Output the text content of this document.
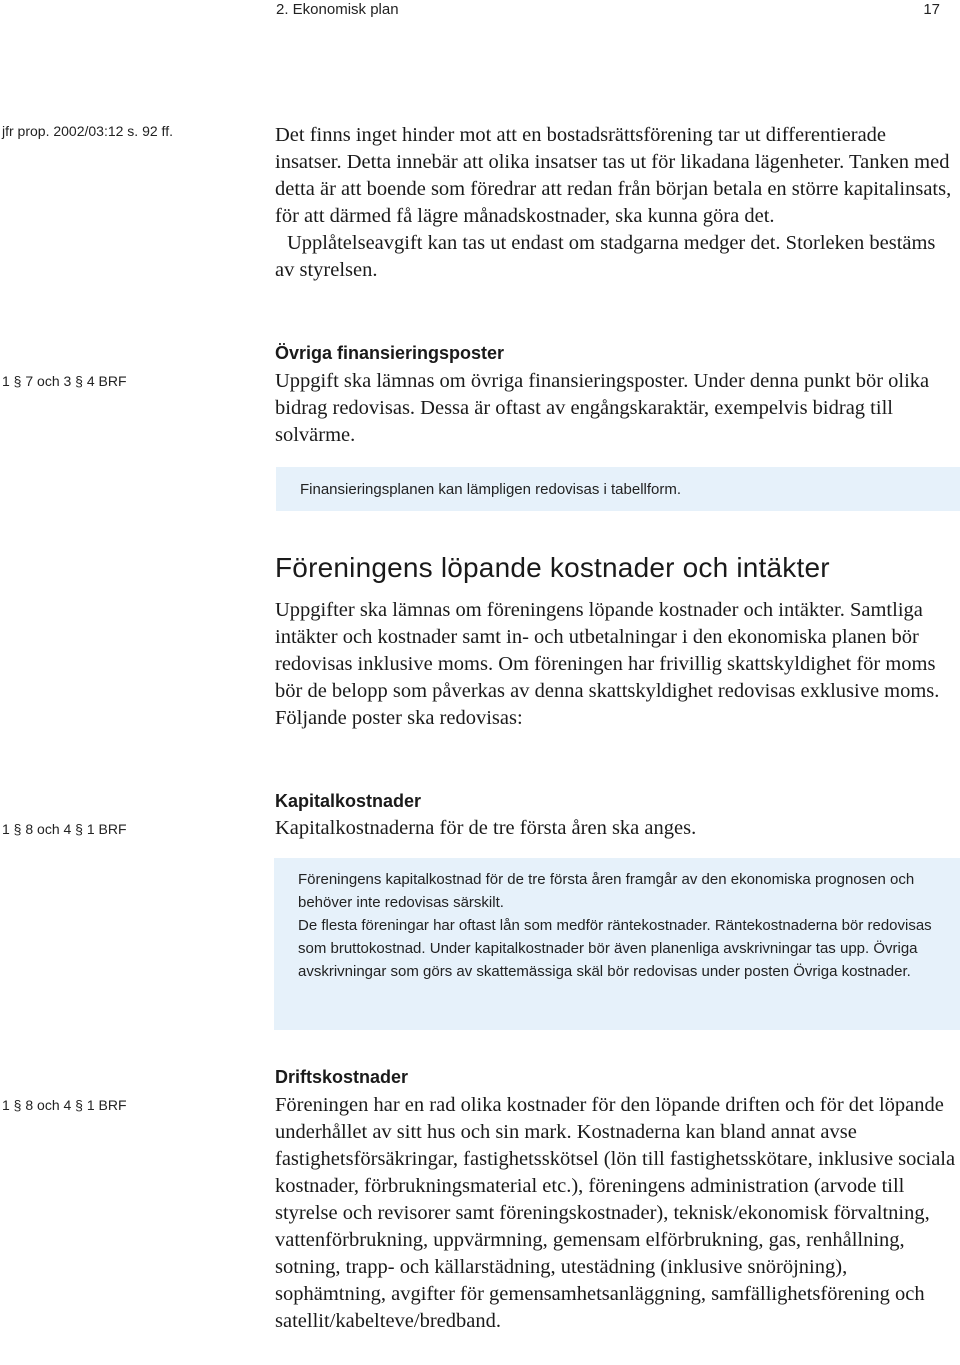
2. Ekonomisk plan	17
jfr prop. 2002/03:12 s. 92 ff.
1 § 7 och 3 § 4 BRF
1 § 8 och 4 § 1 BRF
1 § 8 och 4 § 1 BRF

Det finns inget hinder mot att en bostadsrättsförening tar ut differentierade insatser. Detta innebär att olika insatser tas ut för likadana lägenheter. Tanken med detta är att boende som föredrar att redan från början betala en större kapitalinsats, för att därmed få lägre månadskostnader, ska kunna göra det.

Upplåtelseavgift kan tas ut endast om stadgarna medger det. Storleken bestäms av styrelsen.

Övriga finansieringsposter

Uppgift ska lämnas om övriga finansieringsposter. Under denna punkt bör olika bidrag redovisas. Dessa är oftast av engångskaraktär, exempelvis bidrag till solvärme.

Finansieringsplanen kan lämpligen redovisas i tabellform.
Föreningens löpande kostnader och intäkter

Uppgifter ska lämnas om föreningens löpande kostnader och intäkter. Samtliga intäkter och kostnader samt in- och utbetalningar i den ekonomiska planen bör redovisas inklusive moms. Om föreningen har frivillig skattskyldighet för moms bör de belopp som påverkas av denna skattskyldighet redovisas exklusive moms. Följande poster ska redovisas:

Kapitalkostnader

Kapitalkostnaderna för de tre första åren ska anges.

Föreningens kapitalkostnad för de tre första åren framgår av den ekonomiska prognosen och behöver inte redovisas särskilt.
De flesta föreningar har oftast lån som medför räntekostnader. Räntekostnaderna bör redovisas som bruttokostnad. Under kapitalkostnader bör även planenliga avskrivningar tas upp. Övriga avskrivningar som görs av skattemässiga skäl bör redovisas under posten Övriga kostnader.
Driftskostnader

Föreningen har en rad olika kostnader för den löpande driften och för det löpande underhållet av sitt hus och sin mark. Kostnaderna kan bland annat avse fastighetsförsäkringar, fastighetsskötsel (lön till fastighetsskötare, inklusive sociala kostnader, förbrukningsmaterial etc.), föreningens administration (arvode till styrelse och revisorer samt föreningskostnader), teknisk/ekonomisk förvaltning, vattenförbrukning, uppvärmning, gemensam elförbrukning, gas, renhållning, sotning, trapp- och källarstädning, utestädning (inklusive snöröjning), sophämtning, avgifter för gemensamhetsanläggning, samfällighetsförening och satellit/kabelteve/bredband.
